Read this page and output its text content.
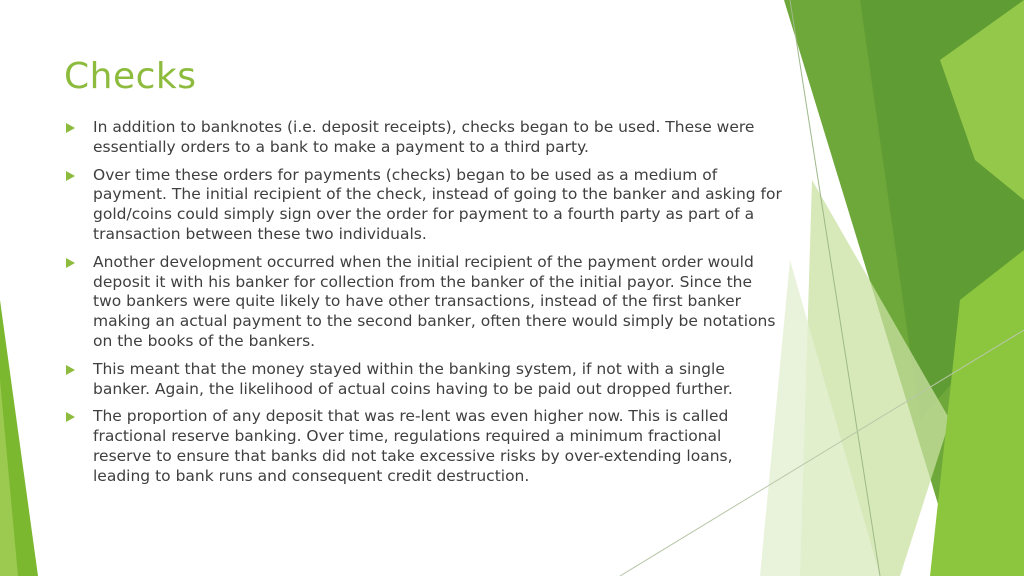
Checks
In addition to banknotes (i.e. deposit receipts), checks began to be used. These were essentially orders to a bank to make a payment to a third party.
Over time these orders for payments (checks) began to be used as a medium of payment. The initial recipient of the check, instead of going to the banker and asking for gold/coins could simply sign over the order for payment to a fourth party as part of a transaction between these two individuals.
Another development occurred when the initial recipient of the payment order would deposit it with his banker for collection from the banker of the initial payor. Since the two bankers were quite likely to have other transactions, instead of the first banker making an actual payment to the second banker, often there would simply be notations on the books of the bankers.
This meant that the money stayed within the banking system, if not with a single banker. Again, the likelihood of actual coins having to be paid out dropped further.
The proportion of any deposit that was re-lent was even higher now. This is called fractional reserve banking. Over time, regulations required a minimum fractional reserve to ensure that banks did not take excessive risks by over-extending loans, leading to bank runs and consequent credit destruction.
